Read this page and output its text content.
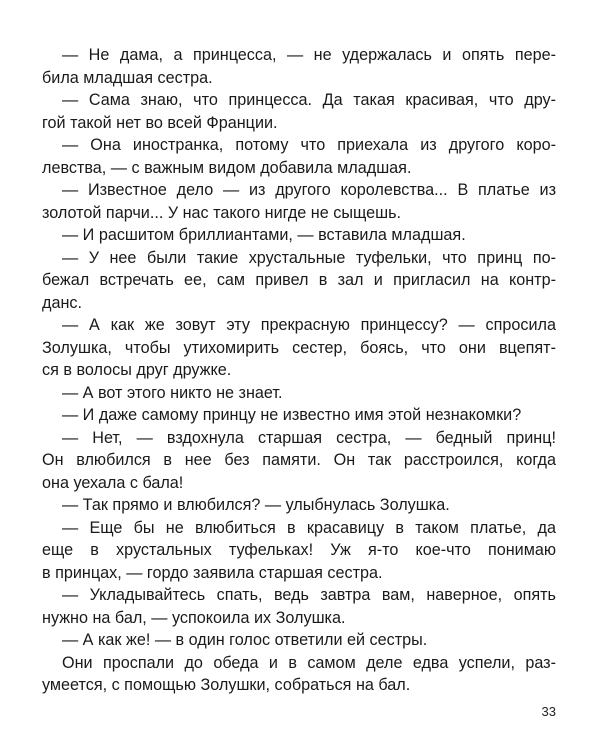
— Не дама, а принцесса, — не удержалась и опять пере-
била младшая сестра.
— Сама знаю, что принцесса. Да такая красивая, что дру-
гой такой нет во всей Франции.
— Она иностранка, потому что приехала из другого коро-
левства, — с важным видом добавила младшая.
— Известное дело — из другого королевства... В платье из
золотой парчи... У нас такого нигде не сыщешь.
— И расшитом бриллиантами, — вставила младшая.
— У нее были такие хрустальные туфельки, что принц по-
бежал встречать ее, сам привел в зал и пригласил на контр-
данс.
— А как же зовут эту прекрасную принцессу? — спросила
Золушка, чтобы утихомирить сестер, боясь, что они вцепят-
ся в волосы друг дружке.
— А вот этого никто не знает.
— И даже самому принцу не известно имя этой незнакомки?
— Нет, — вздохнула старшая сестра, — бедный принц!
Он влюбился в нее без памяти. Он так расстроился, когда
она уехала с бала!
— Так прямо и влюбился? — улыбнулась Золушка.
— Еще бы не влюбиться в красавицу в таком платье, да
еще в хрустальных туфельках! Уж я-то кое-что понимаю
в принцах, — гордо заявила старшая сестра.
— Укладывайтесь спать, ведь завтра вам, наверное, опять
нужно на бал, — успокоила их Золушка.
— А как же! — в один голос ответили ей сестры.
Они проспали до обеда и в самом деле едва успели, раз-
умеется, с помощью Золушки, собраться на бал.
33
